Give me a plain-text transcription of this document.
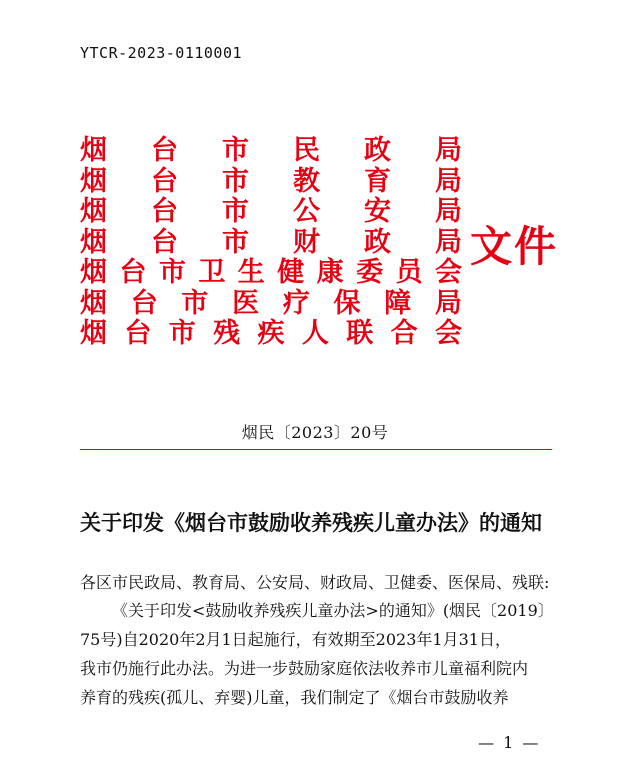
YTCR-2023-0110001
烟 台 市 民 政 局
烟 台 市 教 育 局
烟 台 市 公 安 局
烟 台 市 财 政 局
烟 台 市 卫 生 健 康 委 员 会
烟 台 市 医 疗 保 障 局
烟 台 市 残 疾 人 联 合 会
文件
烟民〔2023〕20号
关于印发《烟台市鼓励收养残疾儿童办法》的通知
各区市民政局、教育局、公安局、财政局、卫健委、医保局、残联:
《关于印发<鼓励收养残疾儿童办法>的通知》(烟民〔2019〕
75号)自2020年2月1日起施行，有效期至2023年1月31日，
我市仍施行此办法。为进一步鼓励家庭依法收养市儿童福利院内
养育的残疾(孤儿、弃婴)儿童，我们制定了《烟台市鼓励收养
— 1 —
